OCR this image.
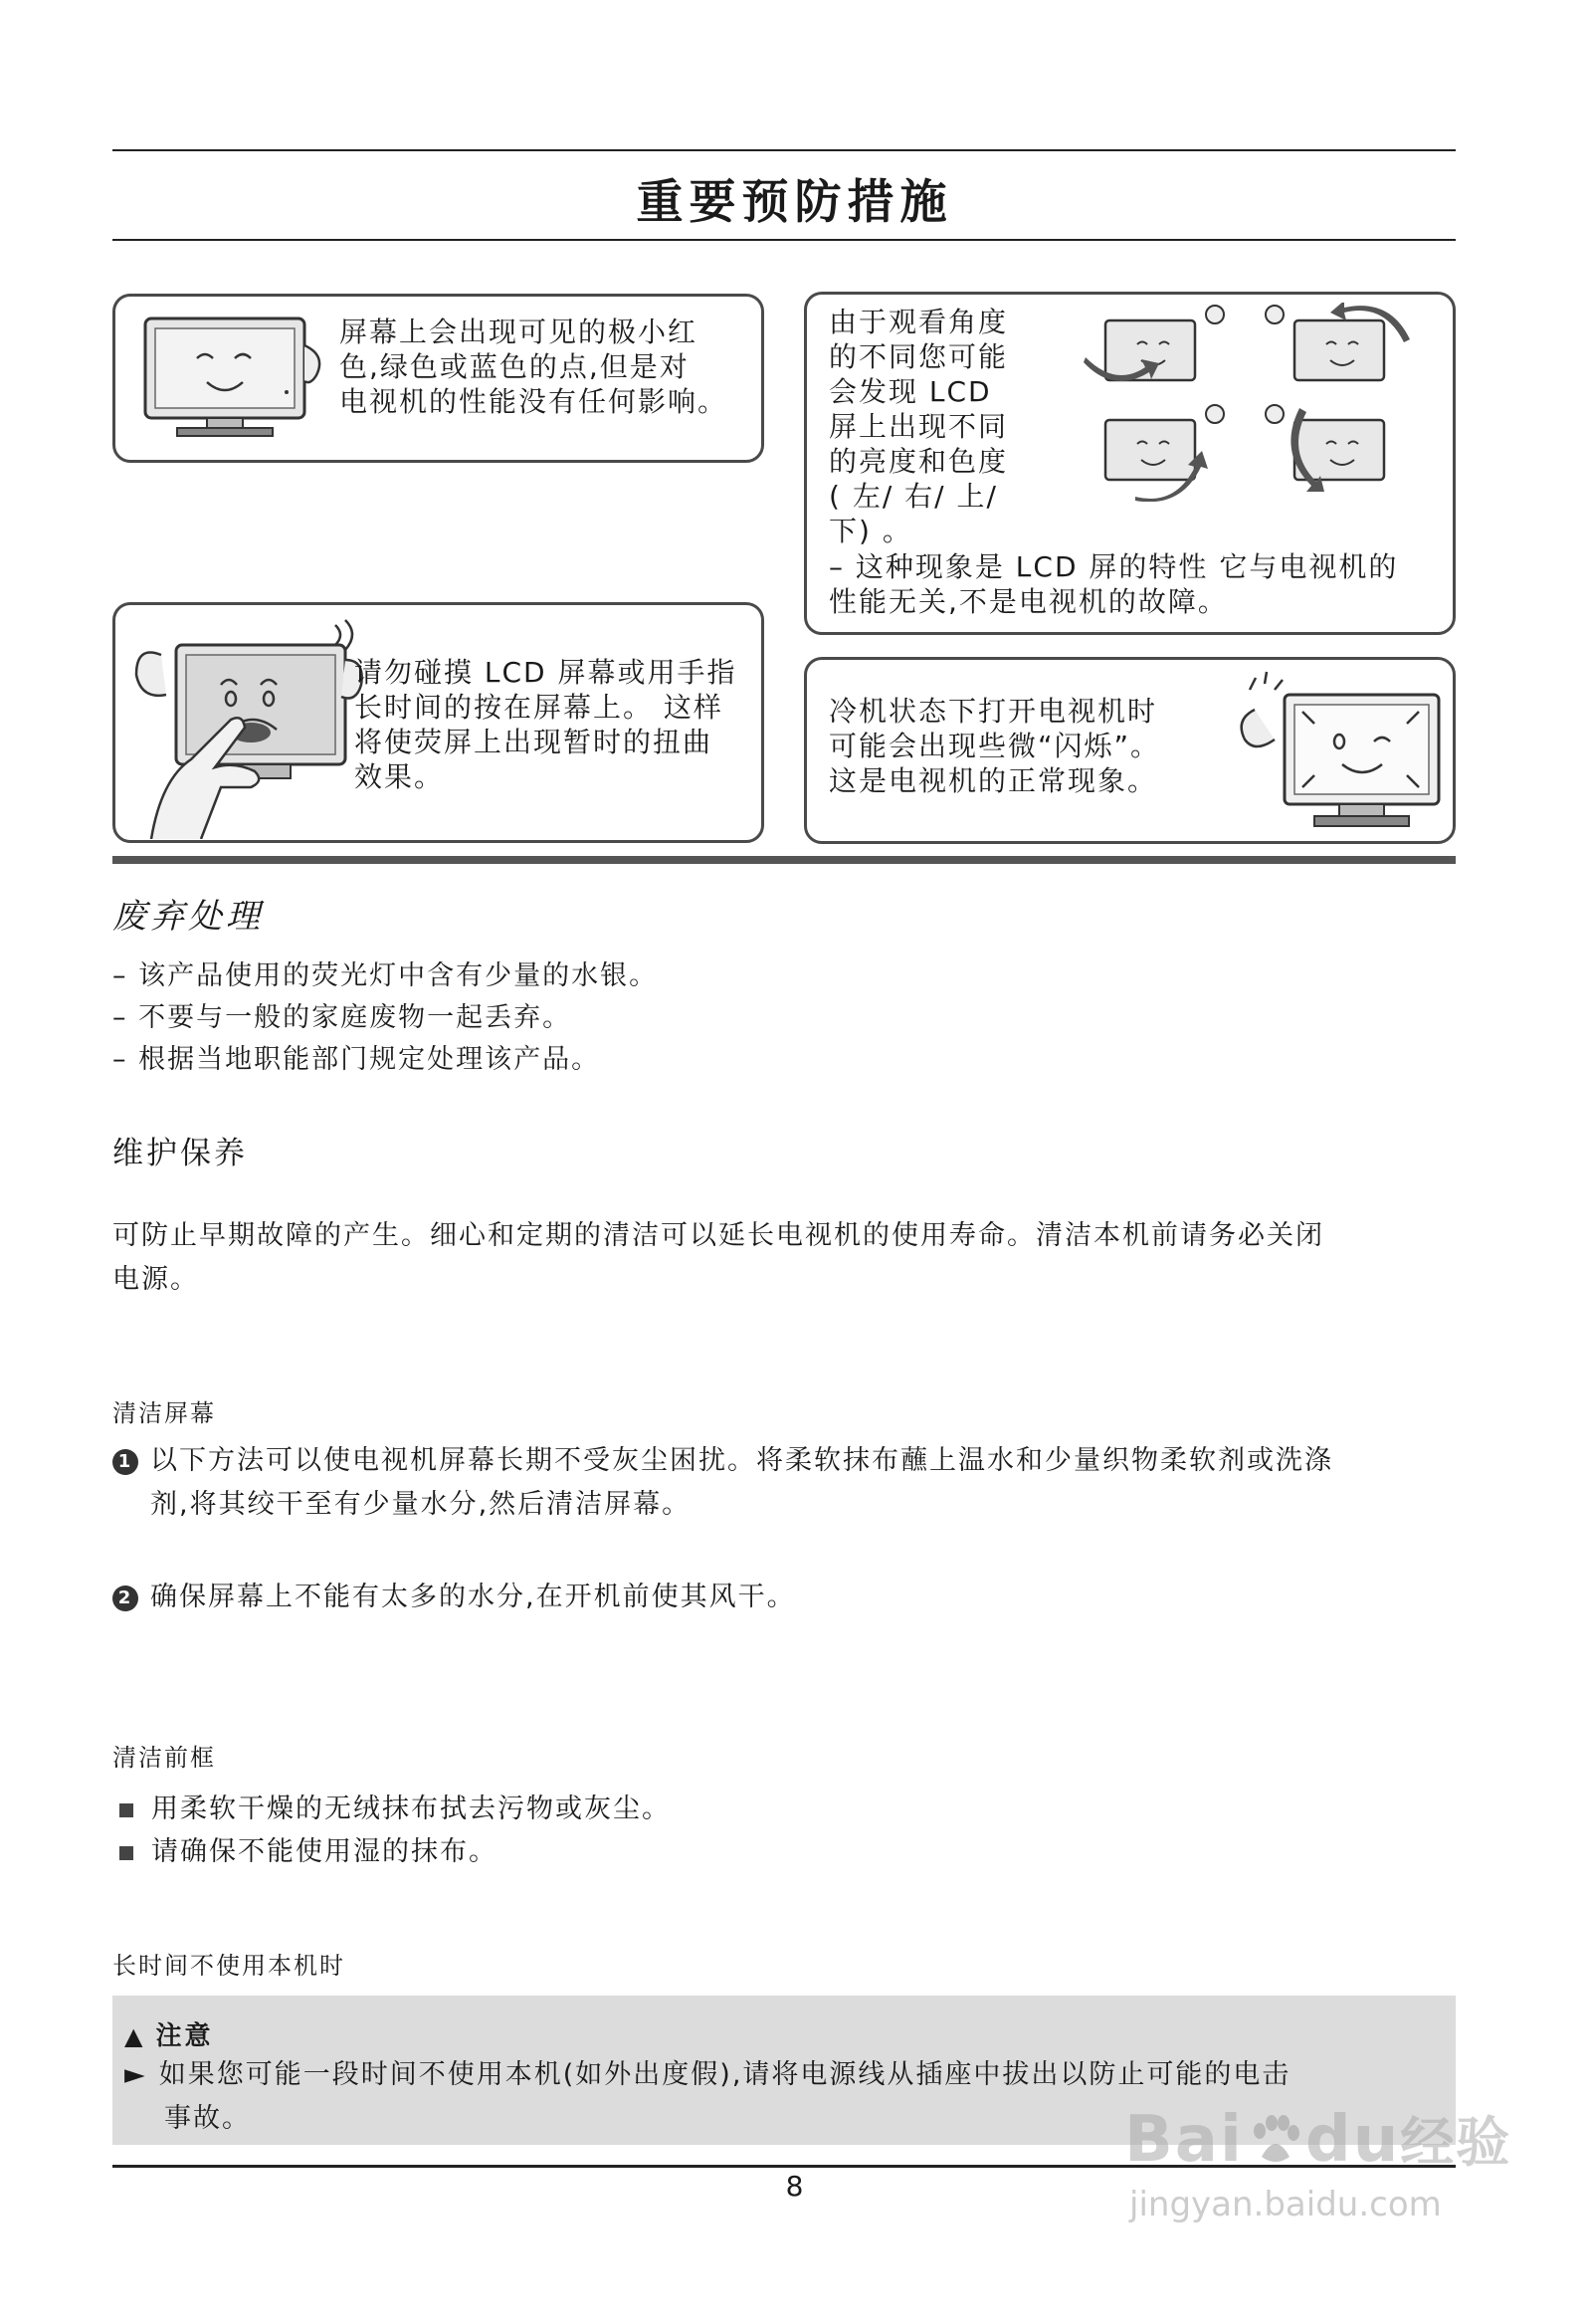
重要预防措施
屏幕上会出现可见的极小红
色,绿色或蓝色的点,但是对
电视机的性能没有任何影响。
由于观看角度
的不同您可能
会发现 LCD
屏上出现不同
的亮度和色度
( 左/ 右/ 上/
下) 。
– 这种现象是 LCD 屏的特性 它与电视机的
性能无关,不是电视机的故障。
请勿碰摸 LCD 屏幕或用手指
长时间的按在屏幕上。 这样
将使荧屏上出现暂时的扭曲
效果。
冷机状态下打开电视机时
可能会出现些微“闪烁”。
这是电视机的正常现象。
废弃处理
– 该产品使用的荧光灯中含有少量的水银。
– 不要与一般的家庭废物一起丢弃。
– 根据当地职能部门规定处理该产品。
维护保养
可防止早期故障的产生。细心和定期的清洁可以延长电视机的使用寿命。清洁本机前请务必关闭
电源。
清洁屏幕
1 以下方法可以使电视机屏幕长期不受灰尘困扰。将柔软抹布蘸上温水和少量织物柔软剂或洗涤
剂,将其绞干至有少量水分,然后清洁屏幕。
2 确保屏幕上不能有太多的水分,在开机前使其风干。
清洁前框
用柔软干燥的无绒抹布拭去污物或灰尘。
请确保不能使用湿的抹布。
长时间不使用本机时
▲ 注意
► 如果您可能一段时间不使用本机(如外出度假),请将电源线从插座中拔出以防止可能的电击
事故。
8
Bai du经验
jingyan.baidu.com
